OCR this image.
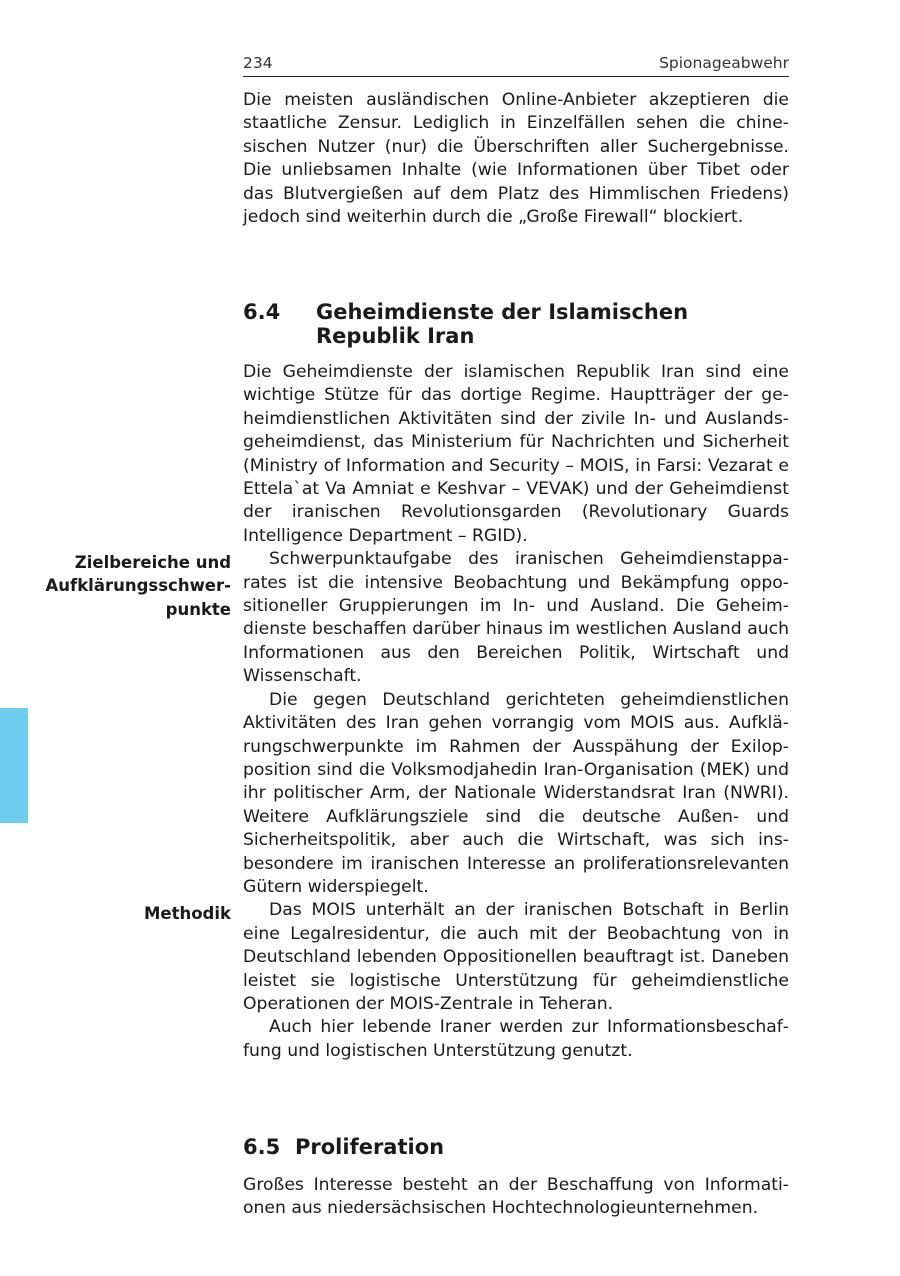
234	Spionageabwehr

Die meisten ausländischen Online-Anbieter akzeptieren die staatliche Zensur. Lediglich in Einzelfällen sehen die chinesischen Nutzer (nur) die Überschriften aller Suchergebnisse. Die unliebsamen Inhalte (wie Informationen über Tibet oder das Blutvergießen auf dem Platz des Himmlischen Friedens) jedoch sind weiterhin durch die „Große Firewall“ blockiert.

6.4 Geheimdienste der Islamischen
Republik Iran

Die Geheimdienste der islamischen Republik Iran sind eine wichtige Stütze für das dortige Regime. Hauptträger der geheimdienstlichen Aktivitäten sind der zivile In- und Auslandsgeheimdienst, das Ministerium für Nachrichten und Sicherheit (Ministry of Information and Security – MOIS, in Farsi: Vezarat e Ettela`at Va Amniat e Keshvar – VEVAK) und der Geheimdienst der iranischen Revolutionsgarden (Revolutionary Guards Intelligence Department – RGID).

Schwerpunktaufgabe des iranischen Geheimdienstapparates ist die intensive Beobachtung und Bekämpfung oppositioneller Gruppierungen im In- und Ausland. Die Geheimdienste beschaffen darüber hinaus im westlichen Ausland auch Informationen aus den Bereichen Politik, Wirtschaft und Wissenschaft.

Die gegen Deutschland gerichteten geheimdienstlichen Aktivitäten des Iran gehen vorrangig vom MOIS aus. Aufklärungschwerpunkte im Rahmen der Ausspähung der Exilopposition sind die Volksmodjahedin Iran-Organisation (MEK) und ihr politischer Arm, der Nationale Widerstandsrat Iran (NWRI). Weitere Aufklärungsziele sind die deutsche Außen- und Sicherheitspolitik, aber auch die Wirtschaft, was sich insbesondere im iranischen Interesse an proliferationsrelevanten Gütern widerspiegelt.

Das MOIS unterhält an der iranischen Botschaft in Berlin eine Legalresidentur, die auch mit der Beobachtung von in Deutschland lebenden Oppositionellen beauftragt ist. Daneben leistet sie logistische Unterstützung für geheimdienstliche Operationen der MOIS-Zentrale in Teheran.

Auch hier lebende Iraner werden zur Informationsbeschaffung und logistischen Unterstützung genutzt.

Zielbereiche und
Aufklärungsschwer-
punkte
Methodik
6.5 Proliferation

Großes Interesse besteht an der Beschaffung von Informationen aus niedersächsischen Hochtechnologieunternehmen.
